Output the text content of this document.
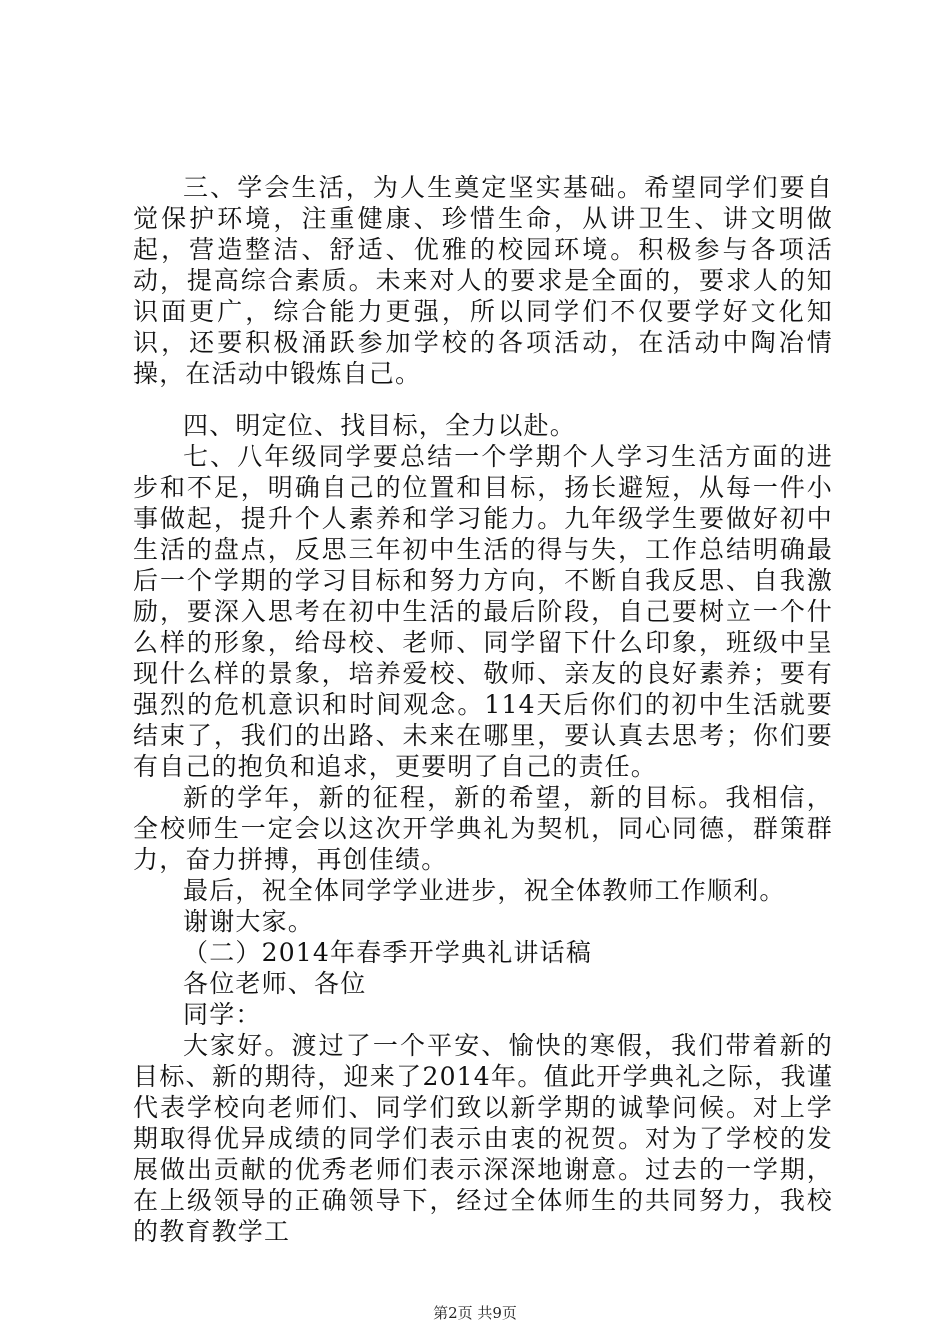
三、学会生活，为人生奠定坚实基础。希望同学们要自觉保护环境，注重健康、珍惜生命，从讲卫生、讲文明做起，营造整洁、舒适、优雅的校园环境。积极参与各项活动，提高综合素质。未来对人的要求是全面的，要求人的知识面更广，综合能力更强，所以同学们不仅要学好文化知识，还要积极涌跃参加学校的各项活动，在活动中陶冶情操，在活动中锻炼自己。

四、明定位、找目标，全力以赴。

七、八年级同学要总结一个学期个人学习生活方面的进步和不足，明确自己的位置和目标，扬长避短，从每一件小事做起，提升个人素养和学习能力。九年级学生要做好初中生活的盘点，反思三年初中生活的得与失，工作总结明确最后一个学期的学习目标和努力方向，不断自我反思、自我激励，要深入思考在初中生活的最后阶段，自己要树立一个什么样的形象，给母校、老师、同学留下什么印象，班级中呈现什么样的景象，培养爱校、敬师、亲友的良好素养；要有强烈的危机意识和时间观念。114天后你们的初中生活就要结束了，我们的出路、未来在哪里，要认真去思考；你们要有自己的抱负和追求，更要明了自己的责任。

新的学年，新的征程，新的希望，新的目标。我相信，全校师生一定会以这次开学典礼为契机，同心同德，群策群力，奋力拼搏，再创佳绩。

最后，祝全体同学学业进步，祝全体教师工作顺利。

谢谢大家。

（二）2014年春季开学典礼讲话稿

各位老师、各位

同学：

大家好。渡过了一个平安、愉快的寒假，我们带着新的目标、新的期待，迎来了2014年。值此开学典礼之际，我谨代表学校向老师们、同学们致以新学期的诚挚问候。对上学期取得优异成绩的同学们表示由衷的祝贺。对为了学校的发展做出贡献的优秀老师们表示深深地谢意。过去的一学期，在上级领导的正确领导下，经过全体师生的共同努力，我校的教育教学工

第2页 共9页
